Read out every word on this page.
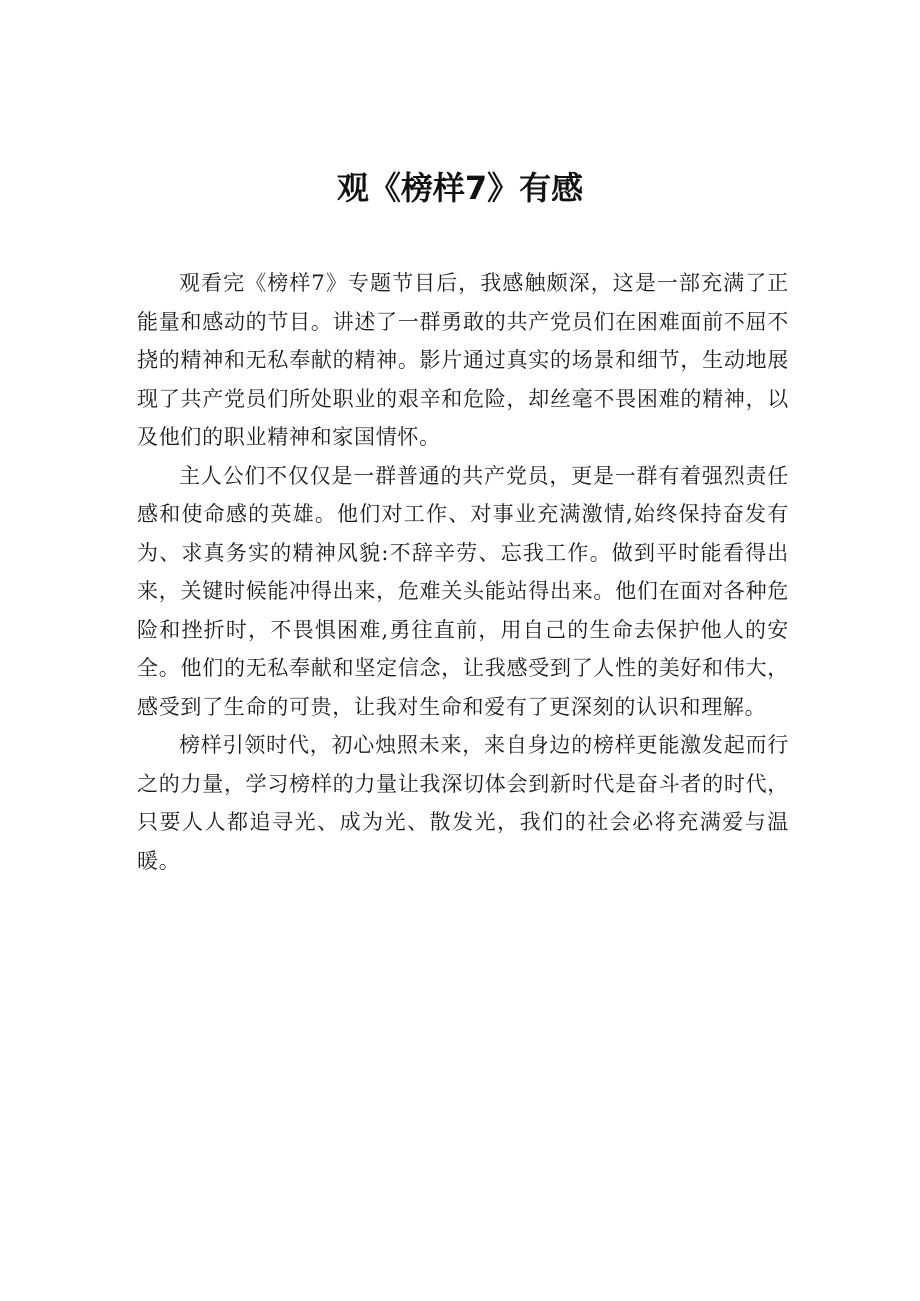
观《榜样7》有感

观看完《榜样7》专题节目后，我感触颇深，这是一部充满了正能量和感动的节目。讲述了一群勇敢的共产党员们在困难面前不屈不挠的精神和无私奉献的精神。影片通过真实的场景和细节，生动地展现了共产党员们所处职业的艰辛和危险，却丝毫不畏困难的精神，以及他们的职业精神和家国情怀。

主人公们不仅仅是一群普通的共产党员，更是一群有着强烈责任感和使命感的英雄。他们对工作、对事业充满激情,始终保持奋发有为、求真务实的精神风貌:不辞辛劳、忘我工作。做到平时能看得出来，关键时候能冲得出来，危难关头能站得出来。他们在面对各种危险和挫折时，不畏惧困难,勇往直前，用自己的生命去保护他人的安全。他们的无私奉献和坚定信念，让我感受到了人性的美好和伟大，感受到了生命的可贵，让我对生命和爱有了更深刻的认识和理解。

榜样引领时代，初心烛照未来，来自身边的榜样更能激发起而行之的力量，学习榜样的力量让我深切体会到新时代是奋斗者的时代，只要人人都追寻光、成为光、散发光，我们的社会必将充满爱与温暖。
